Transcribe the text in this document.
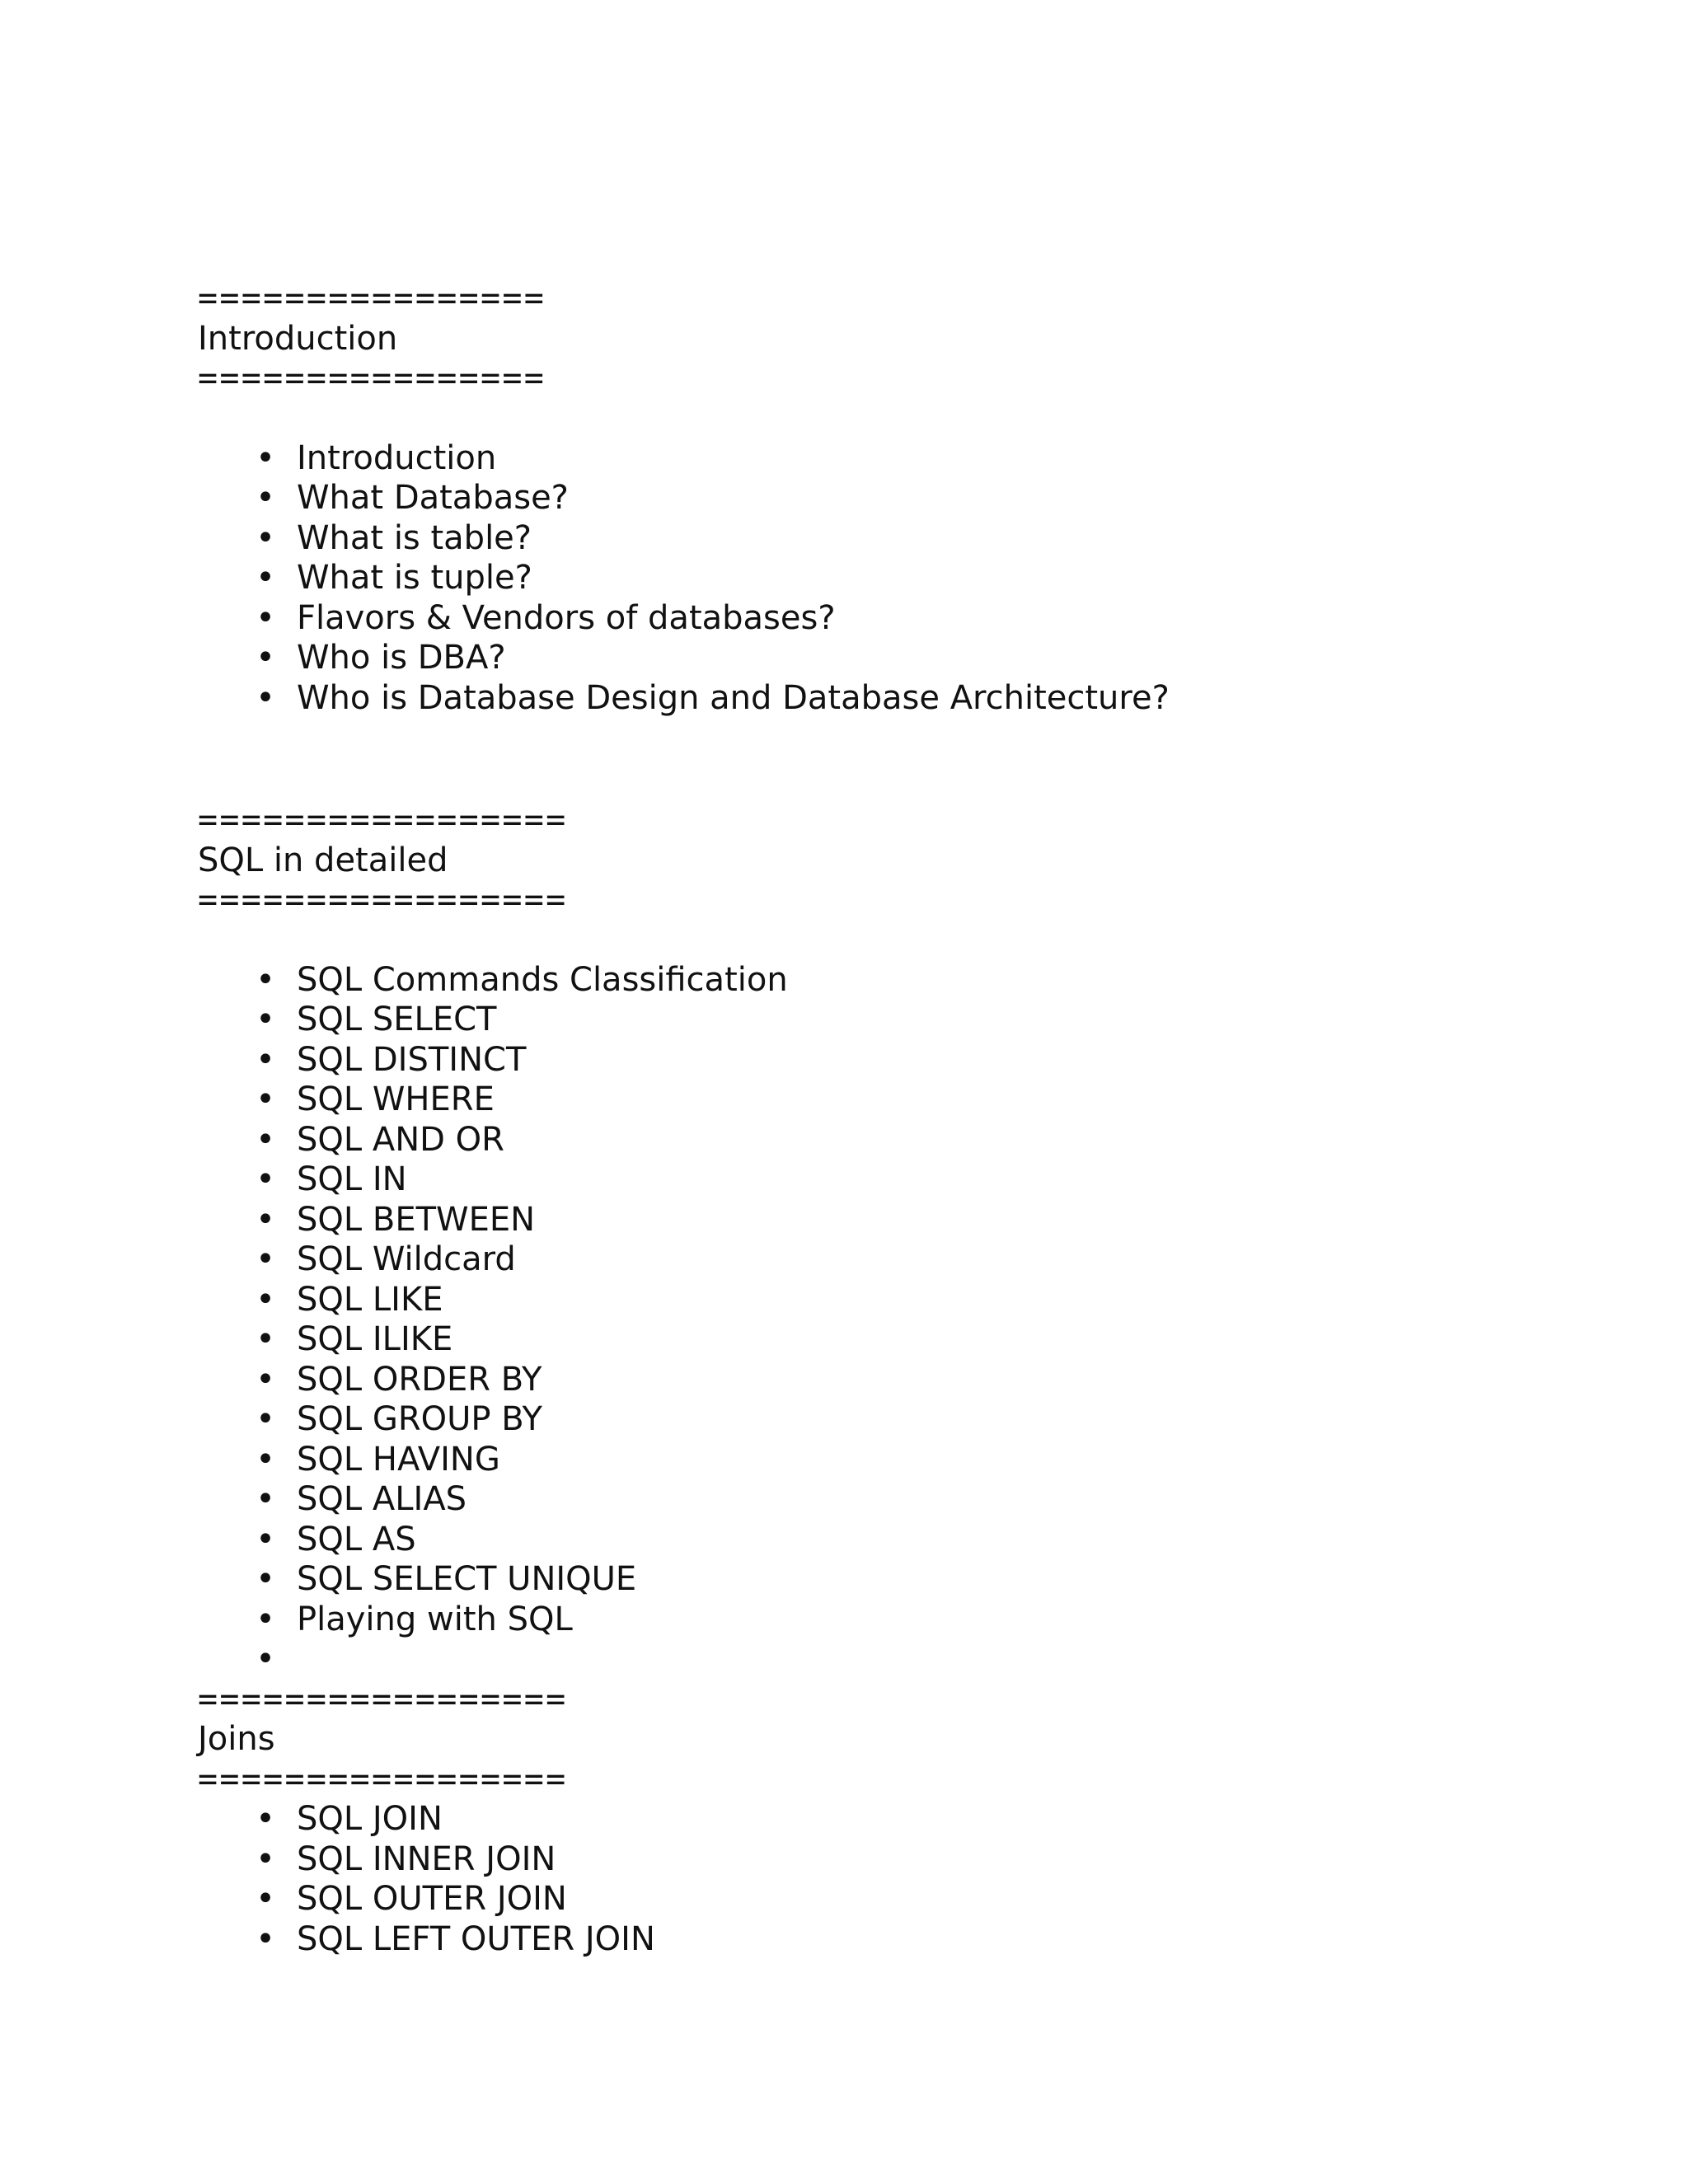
================
Introduction
================
• Introduction
• What Database?
• What is table?
• What is tuple?
• Flavors & Vendors of databases?
• Who is DBA?
• Who is Database Design and Database Architecture?
=================
SQL in detailed
=================
• SQL Commands Classification
• SQL SELECT
• SQL DISTINCT
• SQL WHERE
• SQL AND OR
• SQL IN
• SQL BETWEEN
• SQL Wildcard
• SQL LIKE
• SQL ILIKE
• SQL ORDER BY
• SQL GROUP BY
• SQL HAVING
• SQL ALIAS
• SQL AS
• SQL SELECT UNIQUE
• Playing with SQL
•
=================
Joins
=================
• SQL JOIN
• SQL INNER JOIN
• SQL OUTER JOIN
• SQL LEFT OUTER JOIN
